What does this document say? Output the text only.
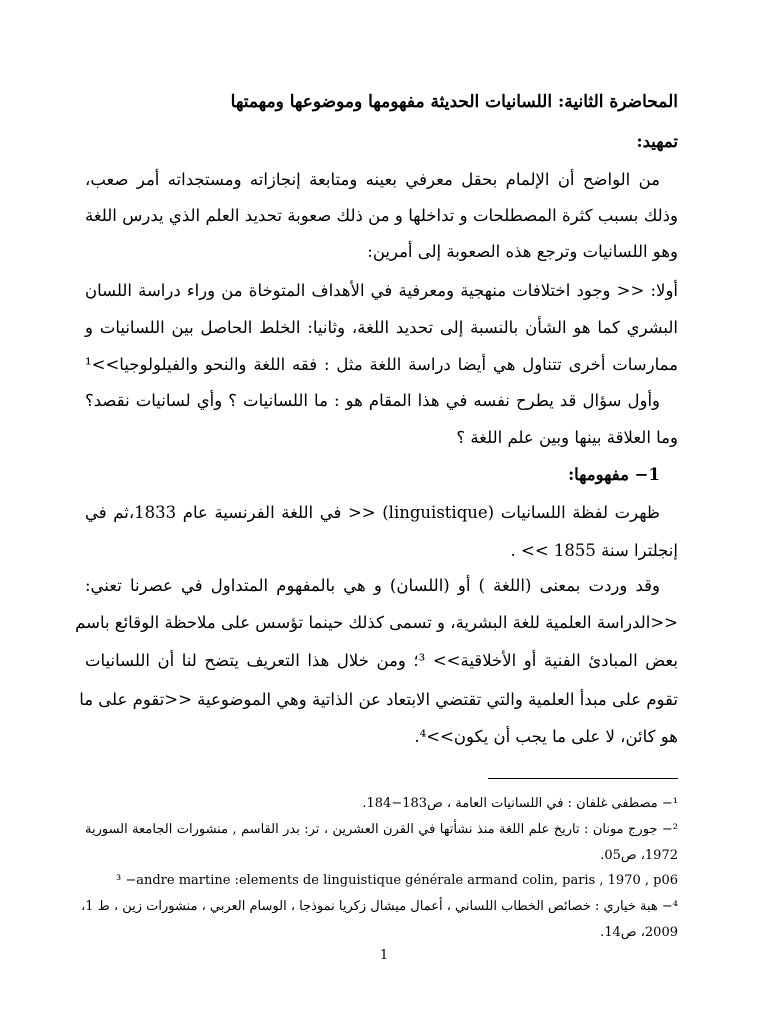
المحاضرة الثانية: اللسانيات الحديثة مفهومها وموضوعها ومهمتها
تمهيد:
من الواضح أن الإلمام بحقل معرفي بعينه ومتابعة إنجازاته ومستجداته أمر صعب،
وذلك بسبب كثرة المصطلحات و تداخلها و من ذلك صعوبة تحديد العلم الذي يدرس اللغة
وهو اللسانيات وترجع هذه الصعوبة إلى أمرين:
أولا: << وجود اختلافات منهجية ومعرفية في الأهداف المتوخاة من وراء دراسة اللسان
البشري كما هو الشأن بالنسبة إلى تحديد اللغة، وثانيا: الخلط الحاصل بين اللسانيات و
ممارسات أخرى تتناول هي أيضا دراسة اللغة مثل : فقه اللغة والنحو والفيلولوجيا>>¹
وأول سؤال قد يطرح نفسه في هذا المقام هو : ما اللسانيات ؟ وأي لسانيات نقصد؟
وما العلاقة بينها وبين علم اللغة ؟
1− مفهومها:
ظهرت لفظة اللسانيات (linguistique) << في اللغة الفرنسية عام 1833،ثم في
إنجلترا سنة 1855 >> .
وقد وردت بمعنى (اللغة ) أو (اللسان) و هي بالمفهوم المتداول في عصرنا تعني:
<<الدراسة العلمية للغة البشرية، و تسمى كذلك حينما تؤسس على ملاحظة الوقائع باسم
بعض المبادئ الفنية أو الأخلاقية>> ³؛ ومن خلال هذا التعريف يتضح لنا أن اللسانيات
تقوم على مبدأ العلمية والتي تقتضي الابتعاد عن الذاتية وهي الموضوعية <<تقوم على ما
هو كائن، لا على ما يجب أن يكون>>⁴.
¹− مصطفى غلفان : في اللسانيات العامة ، ص183−184.
²− جورج مونان : تاريخ علم اللغة منذ نشأتها في القرن العشرين ، تر: بدر القاسم , منشورات الجامعة السورية
1972، ص05.
³ −andre martine :elements de linguistique générale armand colin, paris , 1970 , p06
⁴− هبة خياري : خصائص الخطاب اللساني ، أعمال ميشال زكريا نموذجا ، الوسام العربي ، منشورات زين ، ط 1،
2009، ص14.
1
